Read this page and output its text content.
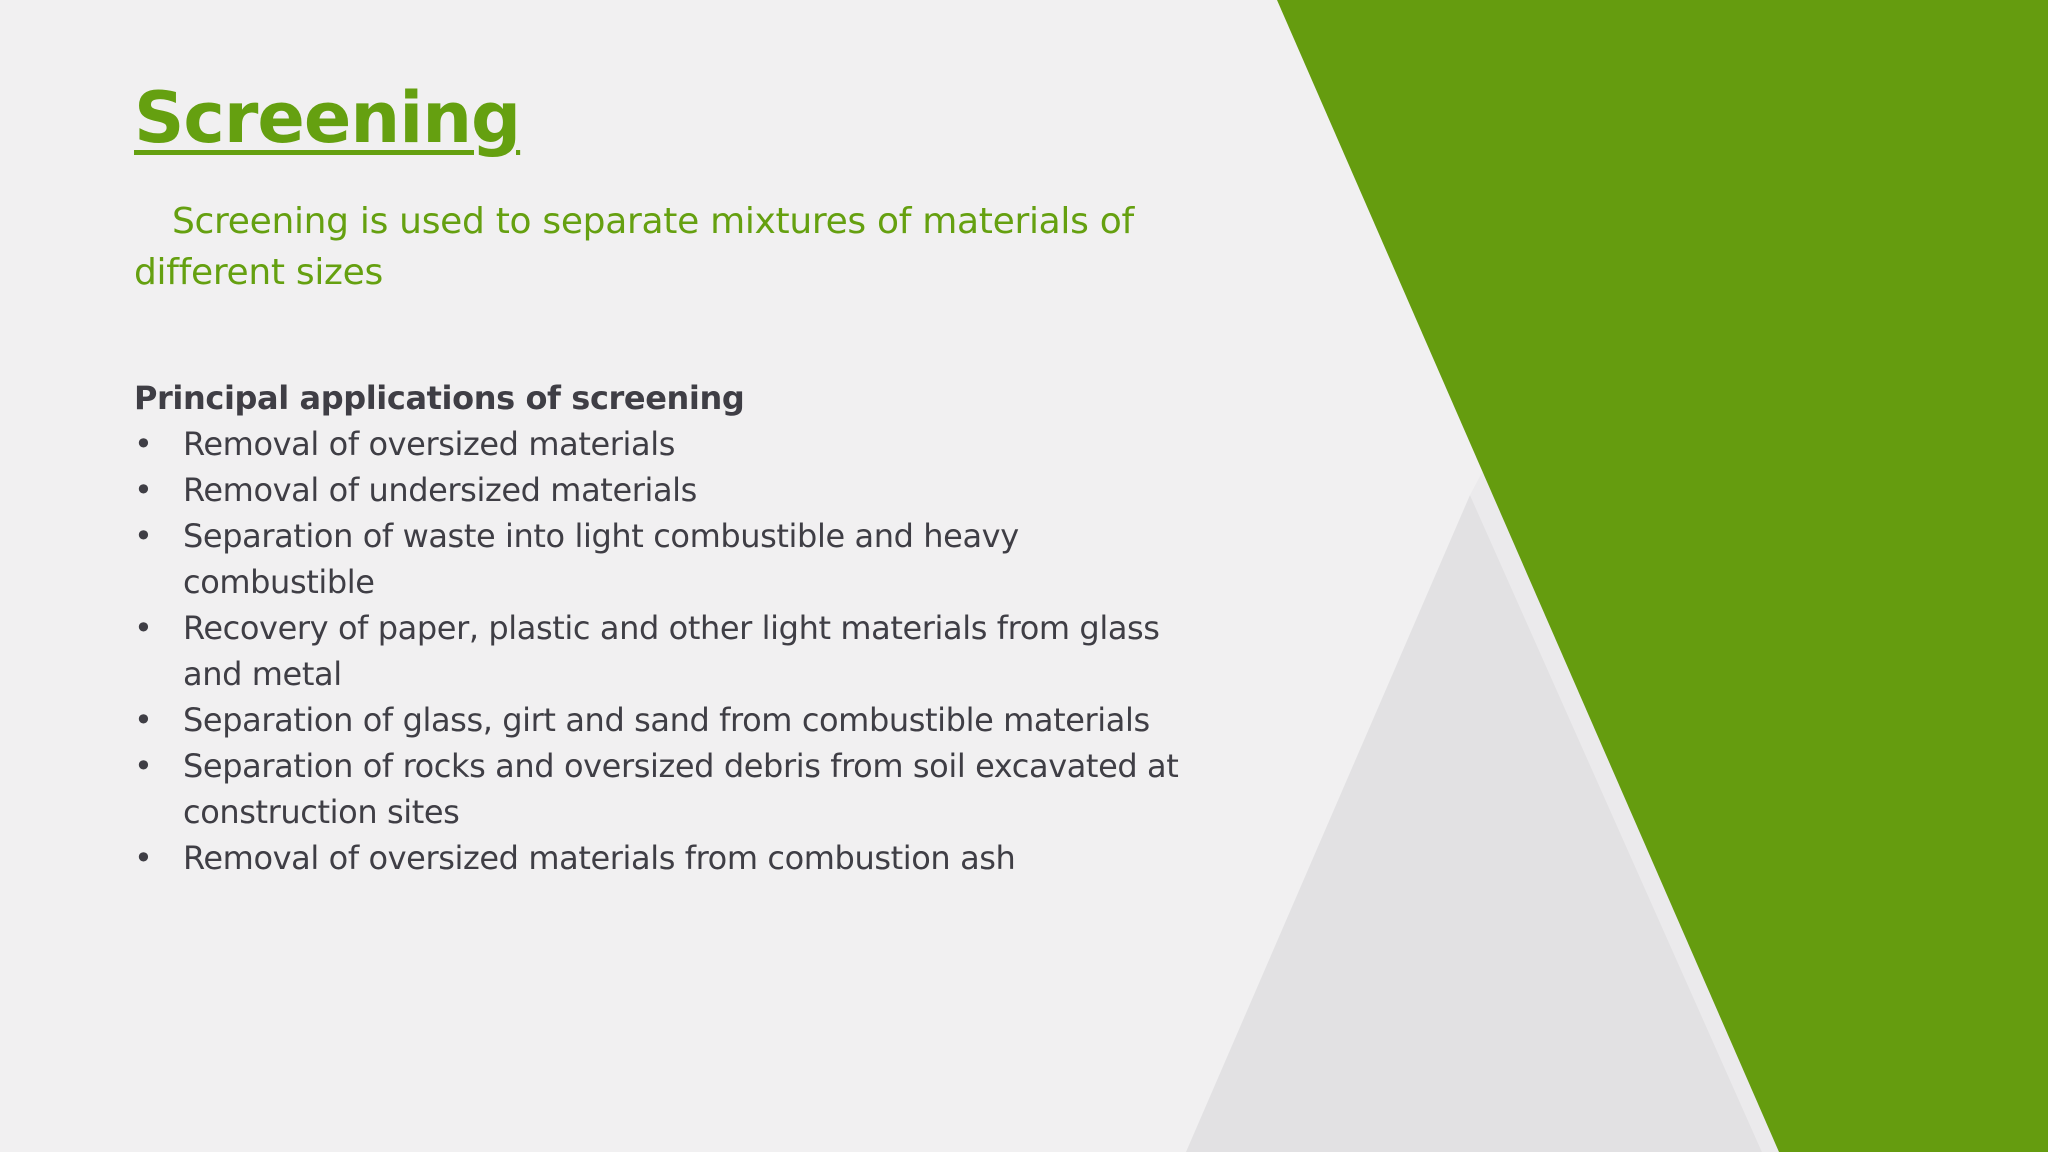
Screening
Screening is used to separate mixtures of materials of different sizes

Principal applications of screening

• Removal of oversized materials
• Removal of undersized materials
• Separation of waste into light combustible and heavy combustible
• Recovery of paper, plastic and other light materials from glass and metal
• Separation of glass, girt and sand from combustible materials
• Separation of rocks and oversized debris from soil excavated at construction sites
• Removal of oversized materials from combustion ash
